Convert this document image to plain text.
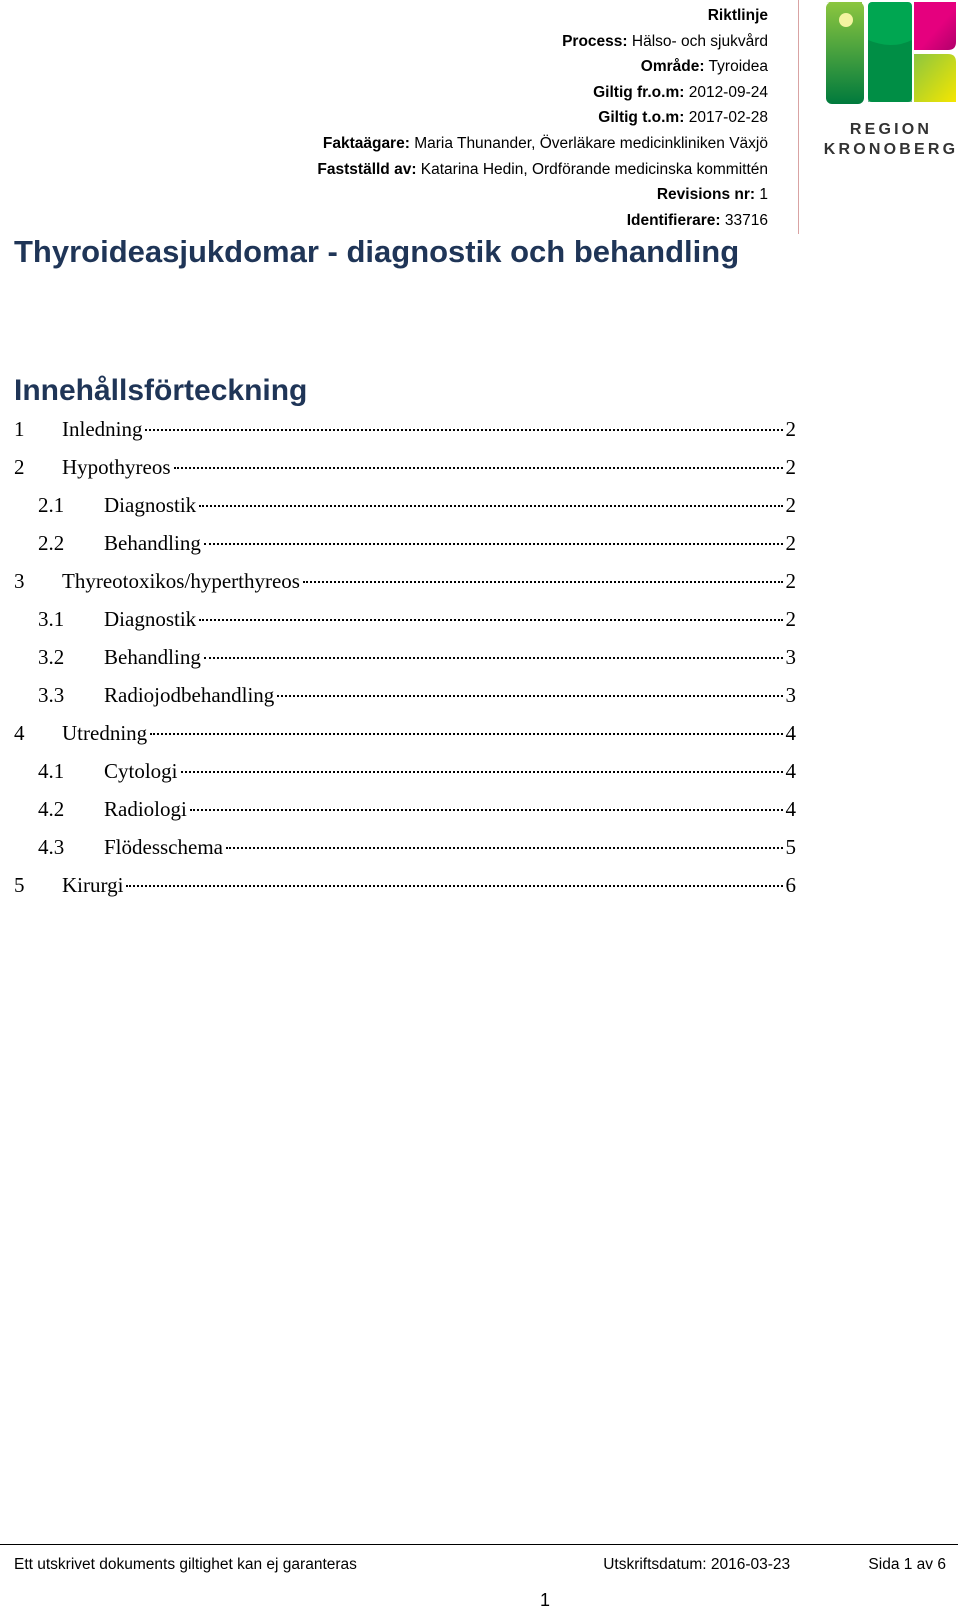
Riktlinje
Process: Hälso- och sjukvård
Område: Tyroidea
Giltig fr.o.m: 2012-09-24
Giltig t.o.m: 2017-02-28
Faktaägare: Maria Thunander, Överläkare medicinkliniken Växjö
Fastställd av: Katarina Hedin, Ordförande medicinska kommittén
Revisions nr: 1
Identifierare: 33716
REGION
KRONOBERG
Thyroideasjukdomar - diagnostik och behandling
Innehållsförteckning
1	Inledning	2
2	Hypothyreos	2
2.1	Diagnostik	2
2.2	Behandling	2
3	Thyreotoxikos/hyperthyreos	2
3.1	Diagnostik	2
3.2	Behandling	3
3.3	Radiojodbehandling	3
4	Utredning	4
4.1	Cytologi	4
4.2	Radiologi	4
4.3	Flödesschema	5
5	Kirurgi	6
Ett utskrivet dokuments giltighet kan ej garanteras	Utskriftsdatum: 2016-03-23	Sida 1 av 6
1
